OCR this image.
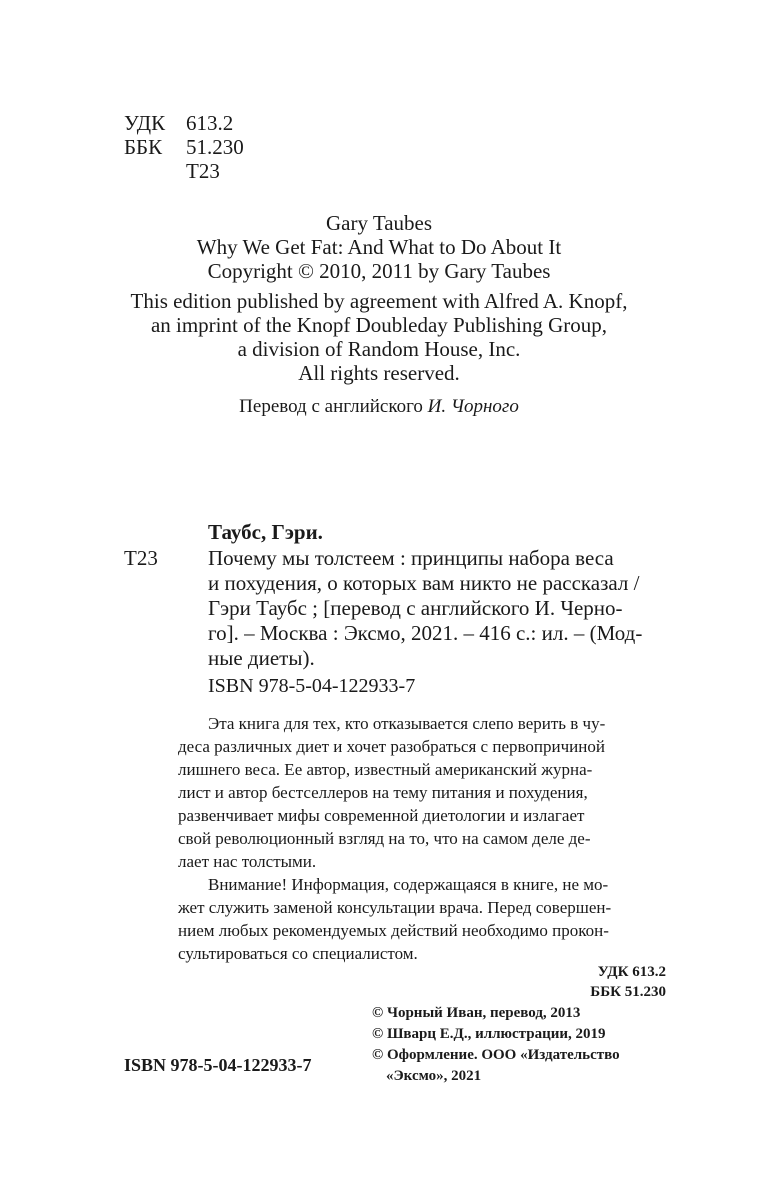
УДК 613.2
ББК 51.230
Т23
Gary Taubes
Why We Get Fat: And What to Do About It
Copyright © 2010, 2011 by Gary Taubes
This edition published by agreement with Alfred A. Knopf,
an imprint of the Knopf Doubleday Publishing Group,
a division of Random House, Inc.
All rights reserved.
Перевод с английского И. Чорного
Таубс, Гэри.
Т23 Почему мы толстеем : принципы набора веса
и похудения, о которых вам никто не рассказал /
Гэри Таубс ; [перевод с английского И. Черно-
го]. – Москва : Эксмо, 2021. – 416 с.: ил. – (Мод-
ные диеты).
ISBN 978-5-04-122933-7
Эта книга для тех, кто отказывается слепо верить в чу-
деса различных диет и хочет разобраться с первопричиной
лишнего веса. Ее автор, известный американский журна-
лист и автор бестселлеров на тему питания и похудения,
развенчивает мифы современной диетологии и излагает
свой революционный взгляд на то, что на самом деле де-
лает нас толстыми.
Внимание! Информация, содержащаяся в книге, не мо-
жет служить заменой консультации врача. Перед совершен-
нием любых рекомендуемых действий необходимо прокон-
сультироваться со специалистом.
УДК 613.2
ББК 51.230
© Чорный Иван, перевод, 2013
© Шварц Е.Д., иллюстрации, 2019
© Оформление. ООО «Издательство
«Эксмо», 2021
ISBN 978-5-04-122933-7
